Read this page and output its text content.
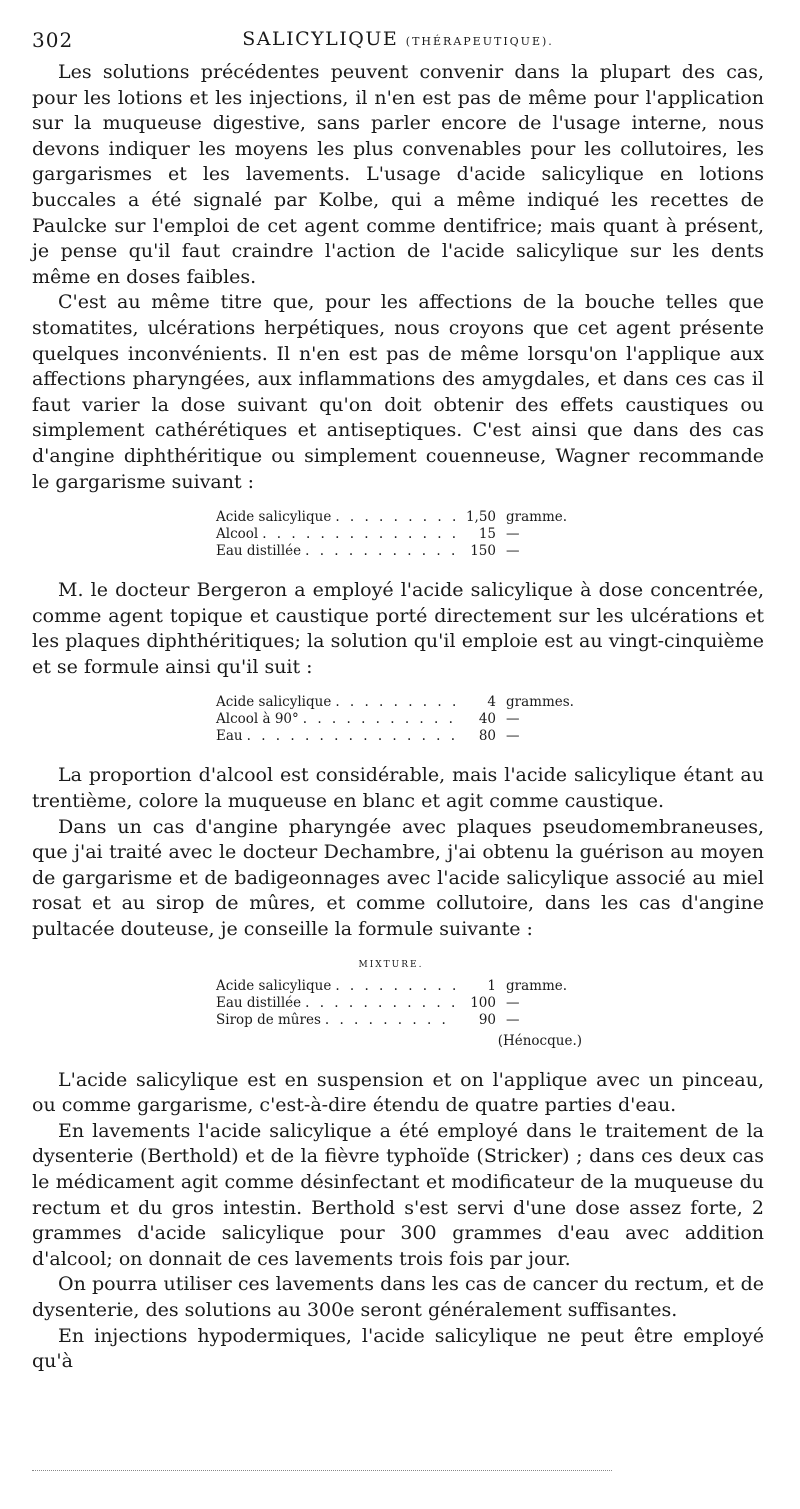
302	SALICYLIQUE (THÉRAPEUTIQUE).

Les solutions précédentes peuvent convenir dans la plupart des cas, pour les lotions et les injections, il n'en est pas de même pour l'application sur la muqueuse digestive, sans parler encore de l'usage interne, nous devons indiquer les moyens les plus convenables pour les collutoires, les gargarismes et les lavements. L'usage d'acide salicylique en lotions buccales a été signalé par Kolbe, qui a même indiqué les recettes de Paulcke sur l'emploi de cet agent comme dentifrice; mais quant à présent, je pense qu'il faut craindre l'action de l'acide salicylique sur les dents même en doses faibles.

C'est au même titre que, pour les affections de la bouche telles que stomatites, ulcérations herpétiques, nous croyons que cet agent présente quelques inconvénients. Il n'en est pas de même lorsqu'on l'applique aux affections pharyngées, aux inflammations des amygdales, et dans ces cas il faut varier la dose suivant qu'on doit obtenir des effets caustiques ou simplement cathérétiques et antiseptiques. C'est ainsi que dans des cas d'angine diphthéritique ou simplement couenneuse, Wagner recommande le gargarisme suivant :

Acide salicylique . . .	1,50 gramme.
Alcool . . .	15 —
Eau distillée . . .	150 —

M. le docteur Bergeron a employé l'acide salicylique à dose concentrée, comme agent topique et caustique porté directement sur les ulcérations et les plaques diphthéritiques; la solution qu'il emploie est au vingt-cinquième et se formule ainsi qu'il suit :

Acide salicylique . . .	4 grammes.
Alcool à 90° . . .	40 —
Eau . . .	80 —

La proportion d'alcool est considérable, mais l'acide salicylique étant au trentième, colore la muqueuse en blanc et agit comme caustique.

Dans un cas d'angine pharyngée avec plaques pseudomembraneuses, que j'ai traité avec le docteur Dechambre, j'ai obtenu la guérison au moyen de gargarisme et de badigeonnages avec l'acide salicylique associé au miel rosat et au sirop de mûres, et comme collutoire, dans les cas d'angine pultacée douteuse, je conseille la formule suivante :

MIXTURE.
Acide salicylique . . .	1 gramme.
Eau distillée . . .	100 —
Sirop de mûres . . .	90 —
(Hénocque.)

L'acide salicylique est en suspension et on l'applique avec un pinceau, ou comme gargarisme, c'est-à-dire étendu de quatre parties d'eau.

En lavements l'acide salicylique a été employé dans le traitement de la dysenterie (Berthold) et de la fièvre typhoïde (Stricker) ; dans ces deux cas le médicament agit comme désinfectant et modificateur de la muqueuse du rectum et du gros intestin. Berthold s'est servi d'une dose assez forte, 2 grammes d'acide salicylique pour 300 grammes d'eau avec addition d'alcool; on donnait de ces lavements trois fois par jour.

On pourra utiliser ces lavements dans les cas de cancer du rectum, et de dysenterie, des solutions au 300e seront généralement suffisantes.

En injections hypodermiques, l'acide salicylique ne peut être employé qu'à
